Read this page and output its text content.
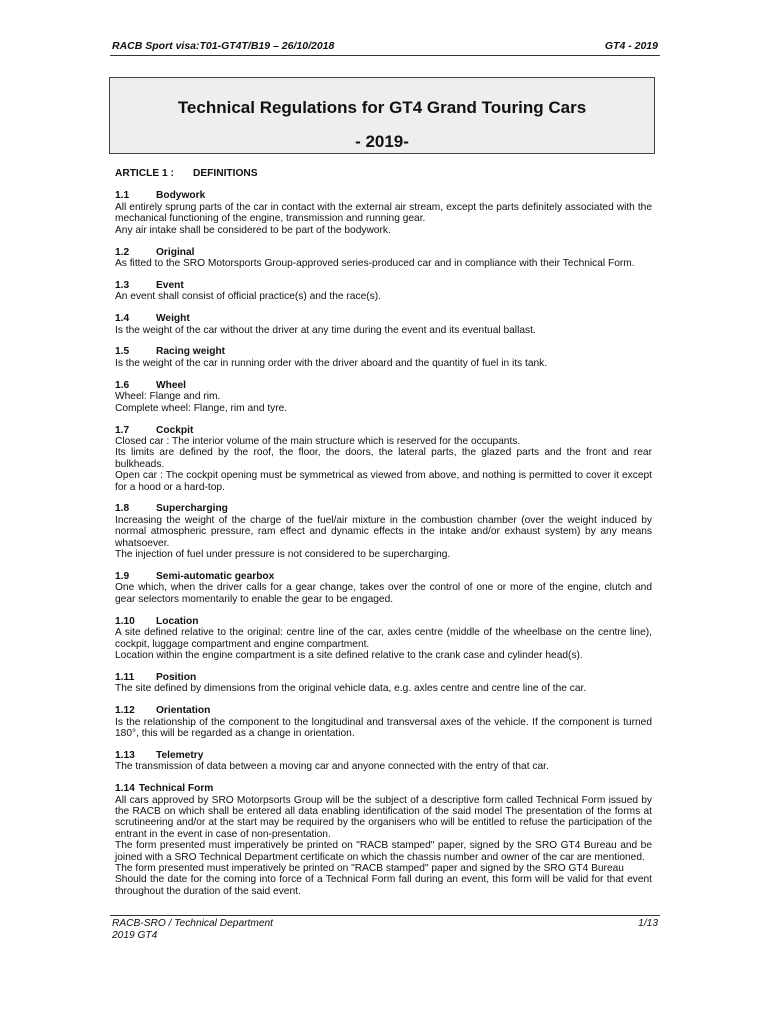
RACB Sport visa:T01-GT4T/B19 – 26/10/2018	GT4 - 2019
Technical Regulations for GT4 Grand Touring Cars
- 2019-
ARTICLE 1 : DEFINITIONS
1.1	Bodywork
All entirely sprung parts of the car in contact with the external air stream, except the parts definitely associated with the mechanical functioning of the engine, transmission and running gear.
Any air intake shall be considered to be part of the bodywork.
1.2	Original
As fitted to the SRO Motorsports Group-approved series-produced car and in compliance with their Technical Form.
1.3	Event
An event shall consist of official practice(s) and the race(s).
1.4	Weight
Is the weight of the car without the driver at any time during the event and its eventual ballast.
1.5	Racing weight
Is the weight of the car in running order with the driver aboard and the quantity of fuel in its tank.
1.6	Wheel
Wheel: Flange and rim.
Complete wheel: Flange, rim and tyre.
1.7	Cockpit
Closed car : The interior volume of the main structure which is reserved for the occupants.
Its limits are defined by the roof, the floor, the doors, the lateral parts, the glazed parts and the front and rear bulkheads.
Open car : The cockpit opening must be symmetrical as viewed from above, and nothing is permitted to cover it except for a hood or a hard-top.
1.8	Supercharging
Increasing the weight of the charge of the fuel/air mixture in the combustion chamber (over the weight induced by normal atmospheric pressure, ram effect and dynamic effects in the intake and/or exhaust system) by any means whatsoever.
The injection of fuel under pressure is not considered to be supercharging.
1.9	Semi-automatic gearbox
One which, when the driver calls for a gear change, takes over the control of one or more of the engine, clutch and gear selectors momentarily to enable the gear to be engaged.
1.10 Location
A site defined relative to the original: centre line of the car, axles centre (middle of the wheelbase on the centre line), cockpit, luggage compartment and engine compartment.
Location within the engine compartment is a site defined relative to the crank case and cylinder head(s).
1.11 Position
The site defined by dimensions from the original vehicle data, e.g. axles centre and centre line of the car.
1.12 Orientation
Is the relationship of the component to the longitudinal and transversal axes of the vehicle. If the component is turned 180°, this will be regarded as a change in orientation.
1.13 Telemetry
The transmission of data between a moving car and anyone connected with the entry of that car.
1.14 Technical Form
All cars approved by SRO Motorpsorts Group will be the subject of a descriptive form called Technical Form issued by the RACB on which shall be entered all data enabling identification of the said model The presentation of the forms at scrutineering and/or at the start may be required by the organisers who will be entitled to refuse the participation of the entrant in the event in case of non-presentation.
The form presented must imperatively be printed on "RACB stamped" paper, signed by the SRO GT4 Bureau and be joined with a SRO Technical Department certificate on which the chassis number and owner of the car are mentioned.
The form presented must imperatively be printed on "RACB stamped" paper and signed by the SRO GT4 Bureau
Should the date for the coming into force of a Technical Form fall during an event, this form will be valid for that event throughout the duration of the said event.
RACB-SRO / Technical Department
2019 GT4
1/13
